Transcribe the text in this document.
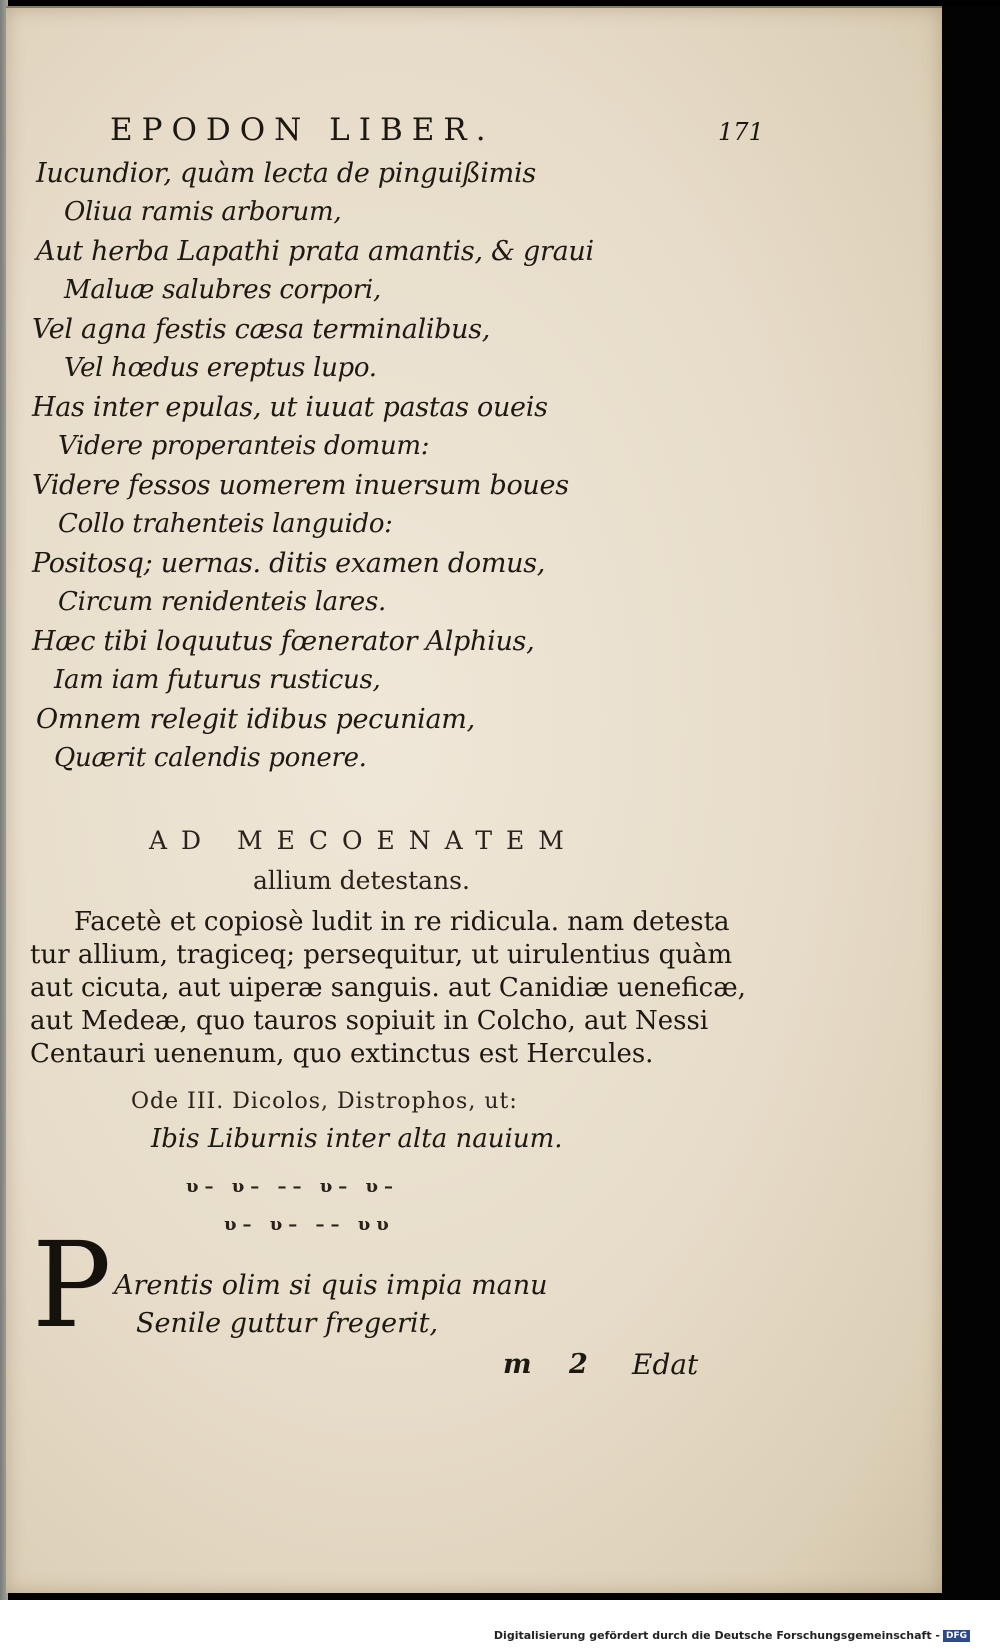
EPODON LIBER.	171
Iucundior, quàm lecta de pinguißimis
Oliua ramis arborum,
Aut herba Lapathi prata amantis, & graui
Maluæ salubres corpori,
Vel agna festis cæsa terminalibus,
Vel hœdus ereptus lupo.
Has inter epulas, ut iuuat pastas oueis
Videre properanteis domum:
Videre fessos uomerem inuersum boues
Collo trahenteis languido:
Positosq; uernas. ditis examen domus,
Circum renidenteis lares.
Hæc tibi loquutus fœnerator Alphius,
Iam iam futurus rusticus,
Omnem relegit idibus pecuniam,
Quærit calendis ponere.
AD MECOENATEM
allium detestans.

Facetè et copiosè ludit in re ridicula. nam detesta

tur allium, tragiceq; persequitur, ut uirulentius quàm

aut cicuta, aut uiperæ sanguis. aut Canidiæ ueneficæ,

aut Medeæ, quo tauros sopiuit in Colcho, aut Nessi

Centauri uenenum, quo extinctus est Hercules.

Ode III. Dicolos, Distrophos, ut:
Ibis Liburnis inter alta nauium.
υ– υ– –– υ– υ–
υ– υ– –– υυ
P Arentis olim si quis impia manu
Senile guttur fregerit,
m 2 Edat
Digitalisierung gefördert durch die Deutsche Forschungsgemeinschaft - DFG
